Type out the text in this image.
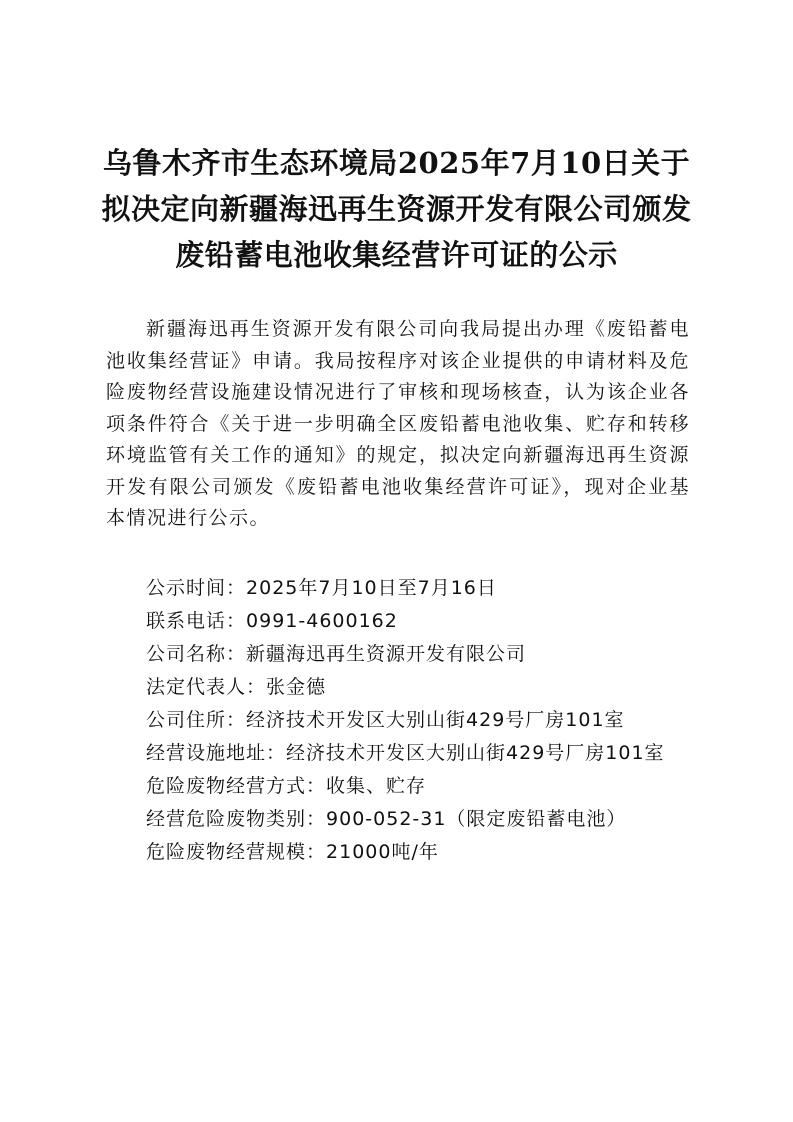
乌鲁木齐市生态环境局2025年7月10日关于
拟决定向新疆海迅再生资源开发有限公司颁发
废铅蓄电池收集经营许可证的公示

新疆海迅再生资源开发有限公司向我局提出办理《废铅蓄电池收集经营证》申请。我局按程序对该企业提供的申请材料及危险废物经营设施建设情况进行了审核和现场核查，认为该企业各项条件符合《关于进一步明确全区废铅蓄电池收集、贮存和转移环境监管有关工作的通知》的规定，拟决定向新疆海迅再生资源开发有限公司颁发《废铅蓄电池收集经营许可证》，现对企业基本情况进行公示。

公示时间：2025年7月10日至7月16日
联系电话：0991-4600162
公司名称：新疆海迅再生资源开发有限公司
法定代表人：张金德
公司住所：经济技术开发区大别山街429号厂房101室
经营设施地址：经济技术开发区大别山街429号厂房101室
危险废物经营方式：收集、贮存
经营危险废物类别：900-052-31（限定废铅蓄电池）
危险废物经营规模：21000吨/年
